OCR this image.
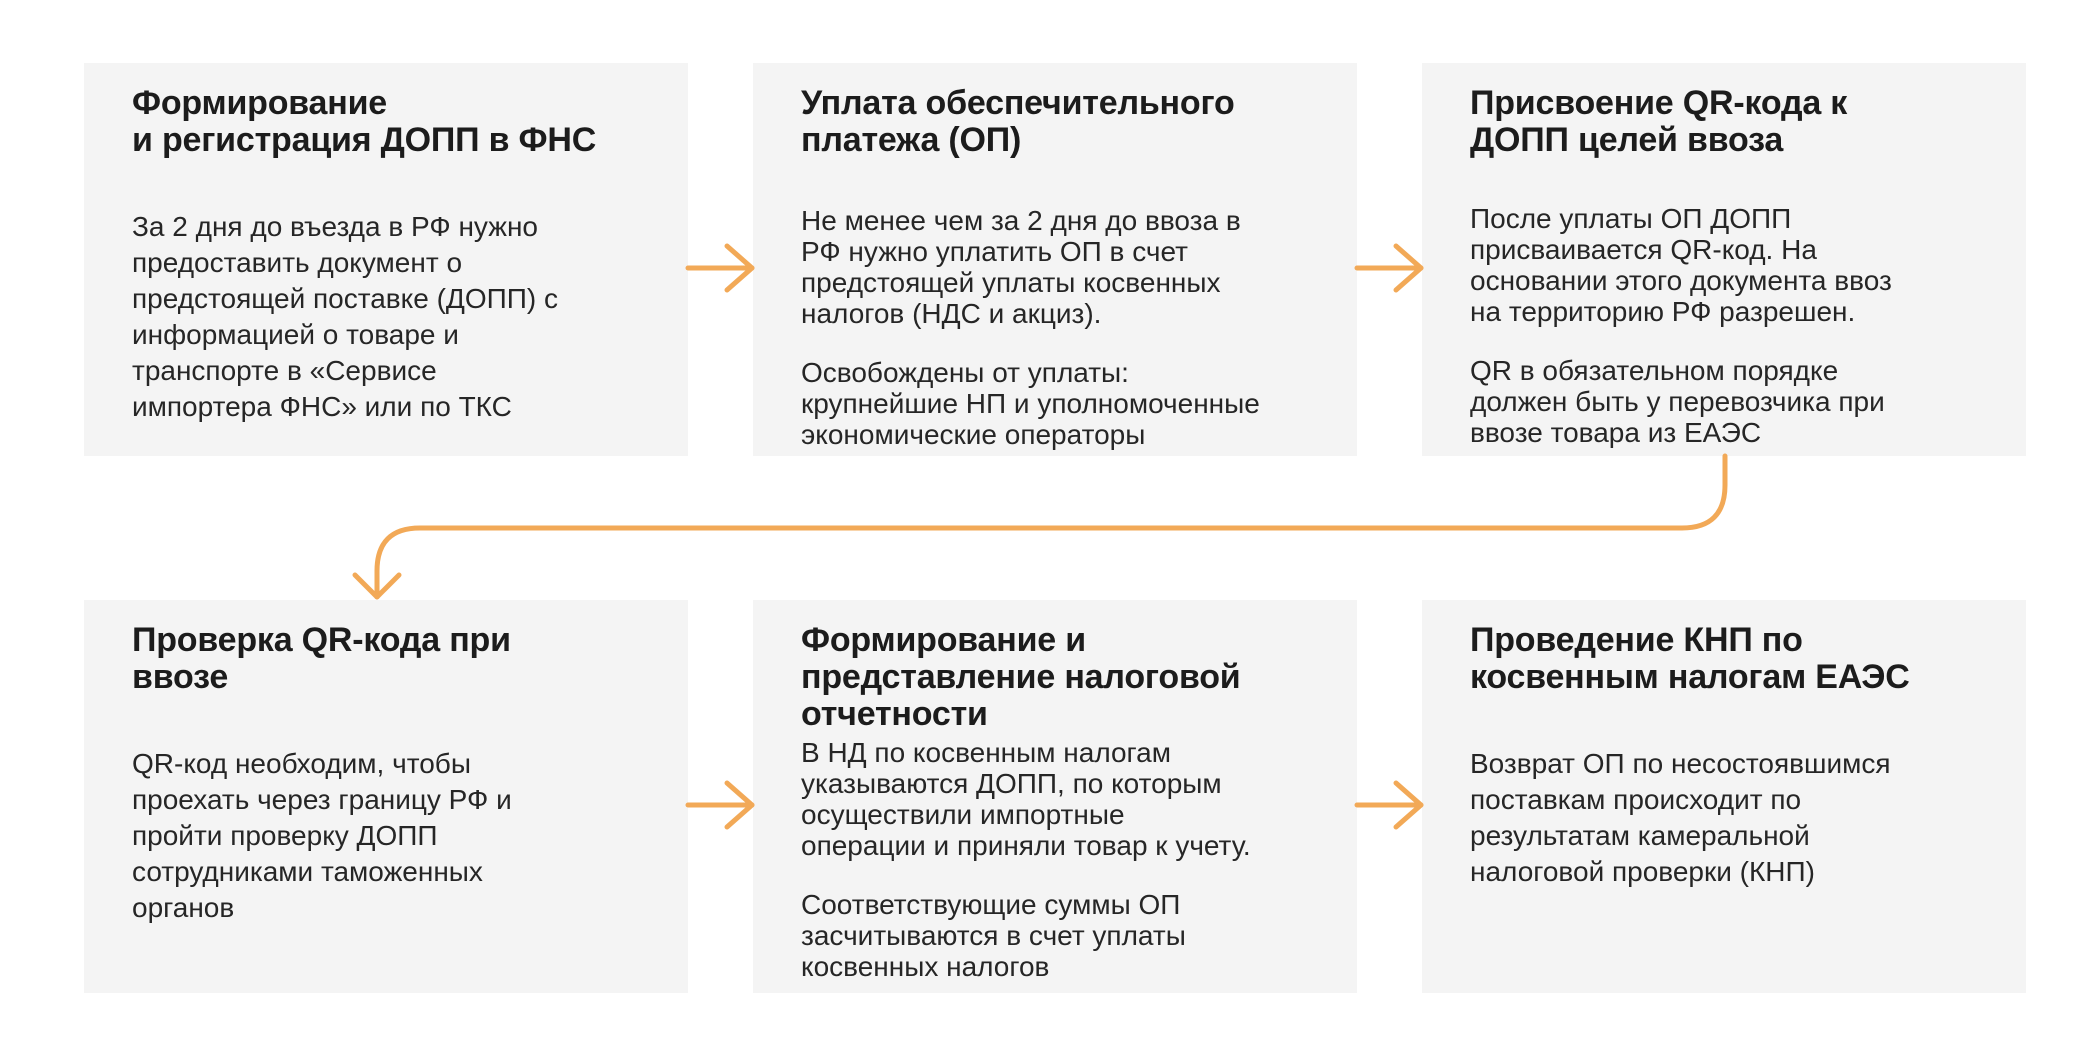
Формирование
и регистрация ДОПП в ФНС

За 2 дня до въезда в РФ нужно
предоставить документ о
предстоящей поставке (ДОПП) с
информацией о товаре и
транспорте в «Сервисе
импортера ФНС» или по ТКС

Уплата обеспечительного
платежа (ОП)

Не менее чем за 2 дня до ввоза в
РФ нужно уплатить ОП в счет
предстоящей уплаты косвенных
налогов (НДС и акциз).

Освобождены от уплаты:
крупнейшие НП и уполномоченные
экономические операторы

Присвоение QR-кода к
ДОПП целей ввоза

После уплаты ОП ДОПП
присваивается QR-код. На
основании этого документа ввоз
на территорию РФ разрешен.

QR в обязательном порядке
должен быть у перевозчика при
ввозе товара из ЕАЭС

Проверка QR-кода при
ввозе

QR-код необходим, чтобы
проехать через границу РФ и
пройти проверку ДОПП
сотрудниками таможенных
органов

Формирование и
представление налоговой
отчетности

В НД по косвенным налогам
указываются ДОПП, по которым
осуществили импортные
операции и приняли товар к учету.

Соответствующие суммы ОП
засчитываются в счет уплаты
косвенных налогов

Проведение КНП по
косвенным налогам ЕАЭС

Возврат ОП по несостоявшимся
поставкам происходит по
результатам камеральной
налоговой проверки (КНП)
